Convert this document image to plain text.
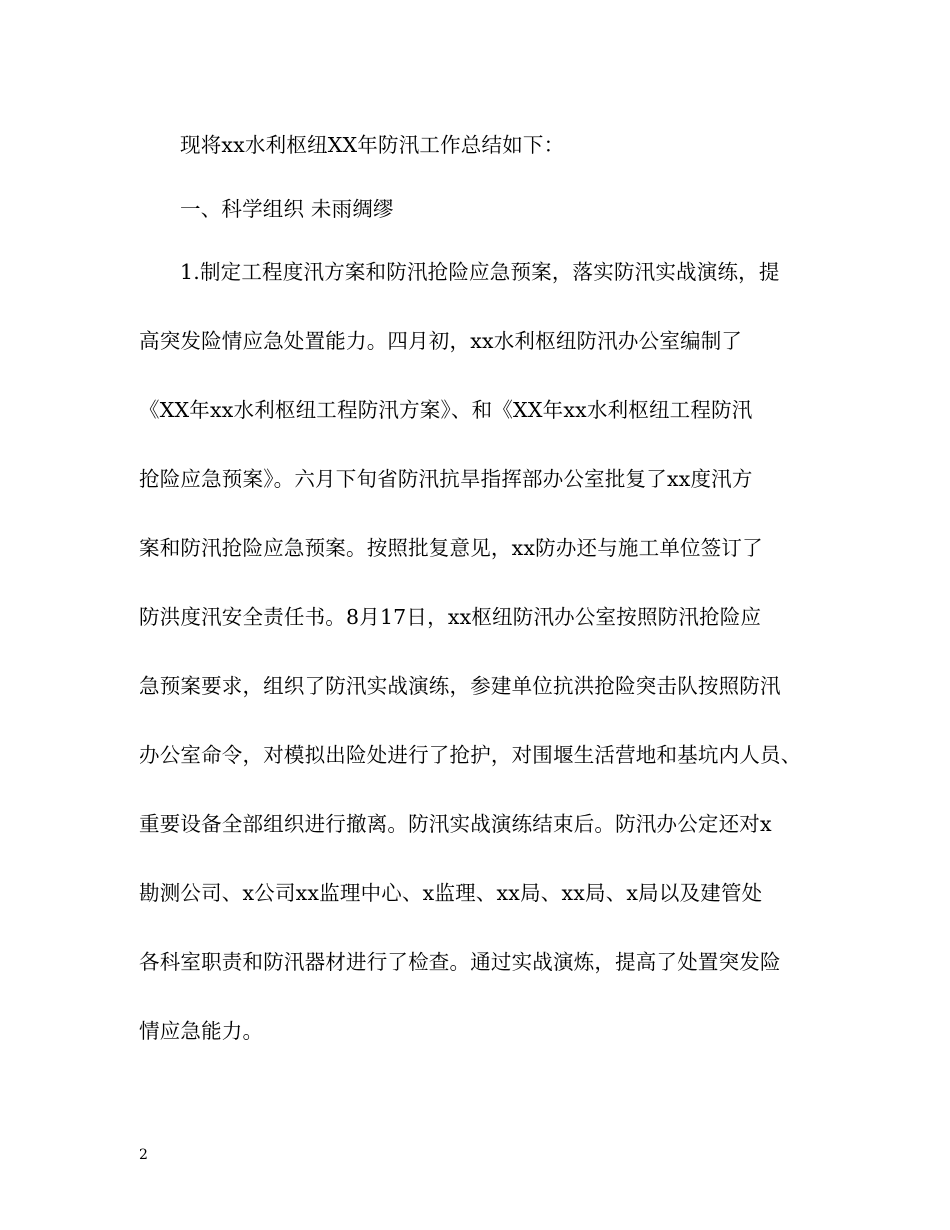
现将xx水利枢纽XX年防汛工作总结如下：
一、科学组织 未雨绸缪
1.制定工程度汛方案和防汛抢险应急预案，落实防汛实战演练，提
高突发险情应急处置能力。四月初，xx水利枢纽防汛办公室编制了
《XX年xx水利枢纽工程防汛方案》、和《XX年xx水利枢纽工程防汛
抢险应急预案》。六月下旬省防汛抗旱指挥部办公室批复了xx度汛方
案和防汛抢险应急预案。按照批复意见，xx防办还与施工单位签订了
防洪度汛安全责任书。8月17日，xx枢纽防汛办公室按照防汛抢险应
急预案要求，组织了防汛实战演练，参建单位抗洪抢险突击队按照防汛
办公室命令，对模拟出险处进行了抢护，对围堰生活营地和基坑内人员、
重要设备全部组织进行撤离。防汛实战演练结束后。防汛办公定还对x
勘测公司、x公司xx监理中心、x监理、xx局、xx局、x局以及建管处
各科室职责和防汛器材进行了检查。通过实战演炼，提高了处置突发险
情应急能力。
2
